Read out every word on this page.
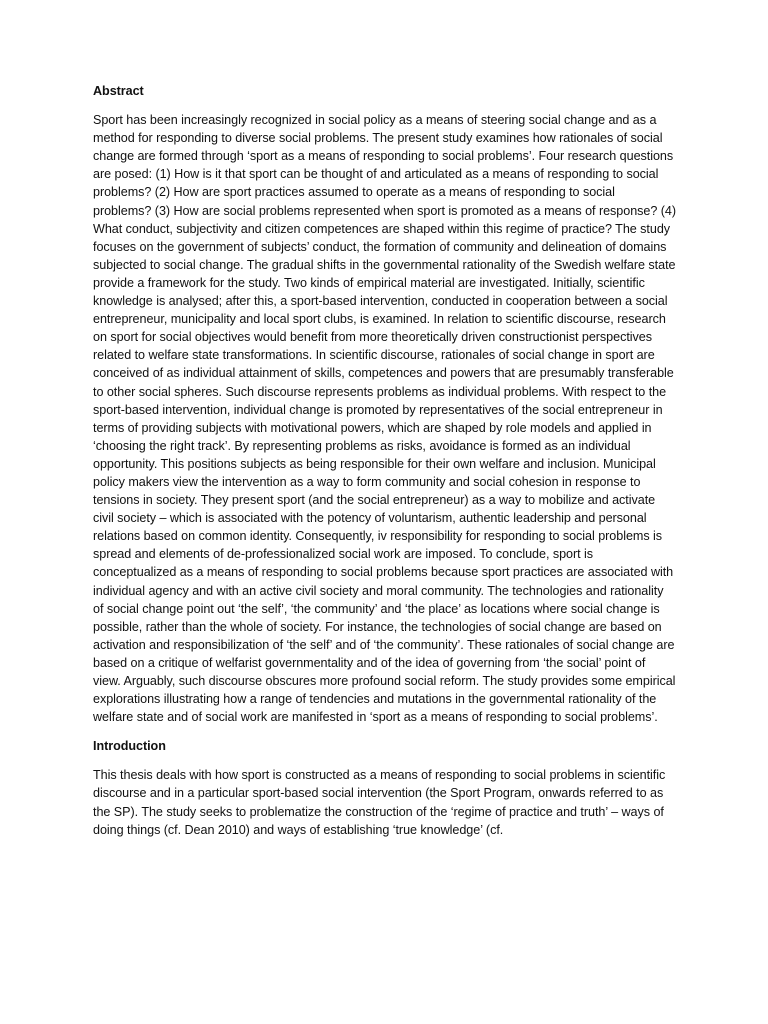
Abstract
Sport has been increasingly recognized in social policy as a means of steering social change and as a method for responding to diverse social problems. The present study examines how rationales of social change are formed through ‘sport as a means of responding to social problems’. Four research questions are posed: (1) How is it that sport can be thought of and articulated as a means of responding to social problems? (2) How are sport practices assumed to operate as a means of responding to social problems? (3) How are social problems represented when sport is promoted as a means of response? (4) What conduct, subjectivity and citizen competences are shaped within this regime of practice? The study focuses on the government of subjects’ conduct, the formation of community and delineation of domains subjected to social change. The gradual shifts in the governmental rationality of the Swedish welfare state provide a framework for the study. Two kinds of empirical material are investigated. Initially, scientific knowledge is analysed; after this, a sport-based intervention, conducted in cooperation between a social entrepreneur, municipality and local sport clubs, is examined. In relation to scientific discourse, research on sport for social objectives would benefit from more theoretically driven constructionist perspectives related to welfare state transformations. In scientific discourse, rationales of social change in sport are conceived of as individual attainment of skills, competences and powers that are presumably transferable to other social spheres. Such discourse represents problems as individual problems. With respect to the sport-based intervention, individual change is promoted by representatives of the social entrepreneur in terms of providing subjects with motivational powers, which are shaped by role models and applied in ‘choosing the right track’. By representing problems as risks, avoidance is formed as an individual opportunity. This positions subjects as being responsible for their own welfare and inclusion. Municipal policy makers view the intervention as a way to form community and social cohesion in response to tensions in society. They present sport (and the social entrepreneur) as a way to mobilize and activate civil society – which is associated with the potency of voluntarism, authentic leadership and personal relations based on common identity. Consequently, iv responsibility for responding to social problems is spread and elements of de-professionalized social work are imposed. To conclude, sport is conceptualized as a means of responding to social problems because sport practices are associated with individual agency and with an active civil society and moral community. The technologies and rationality of social change point out ‘the self’, ‘the community’ and ‘the place’ as locations where social change is possible, rather than the whole of society. For instance, the technologies of social change are based on activation and responsibilization of ‘the self’ and of ‘the community’. These rationales of social change are based on a critique of welfarist governmentality and of the idea of governing from ‘the social’ point of view. Arguably, such discourse obscures more profound social reform. The study provides some empirical explorations illustrating how a range of tendencies and mutations in the governmental rationality of the welfare state and of social work are manifested in ‘sport as a means of responding to social problems’.
Introduction
This thesis deals with how sport is constructed as a means of responding to social problems in scientific discourse and in a particular sport-based social intervention (the Sport Program, onwards referred to as the SP). The study seeks to problematize the construction of the ‘regime of practice and truth’ – ways of doing things (cf. Dean 2010) and ways of establishing ‘true knowledge’ (cf.
